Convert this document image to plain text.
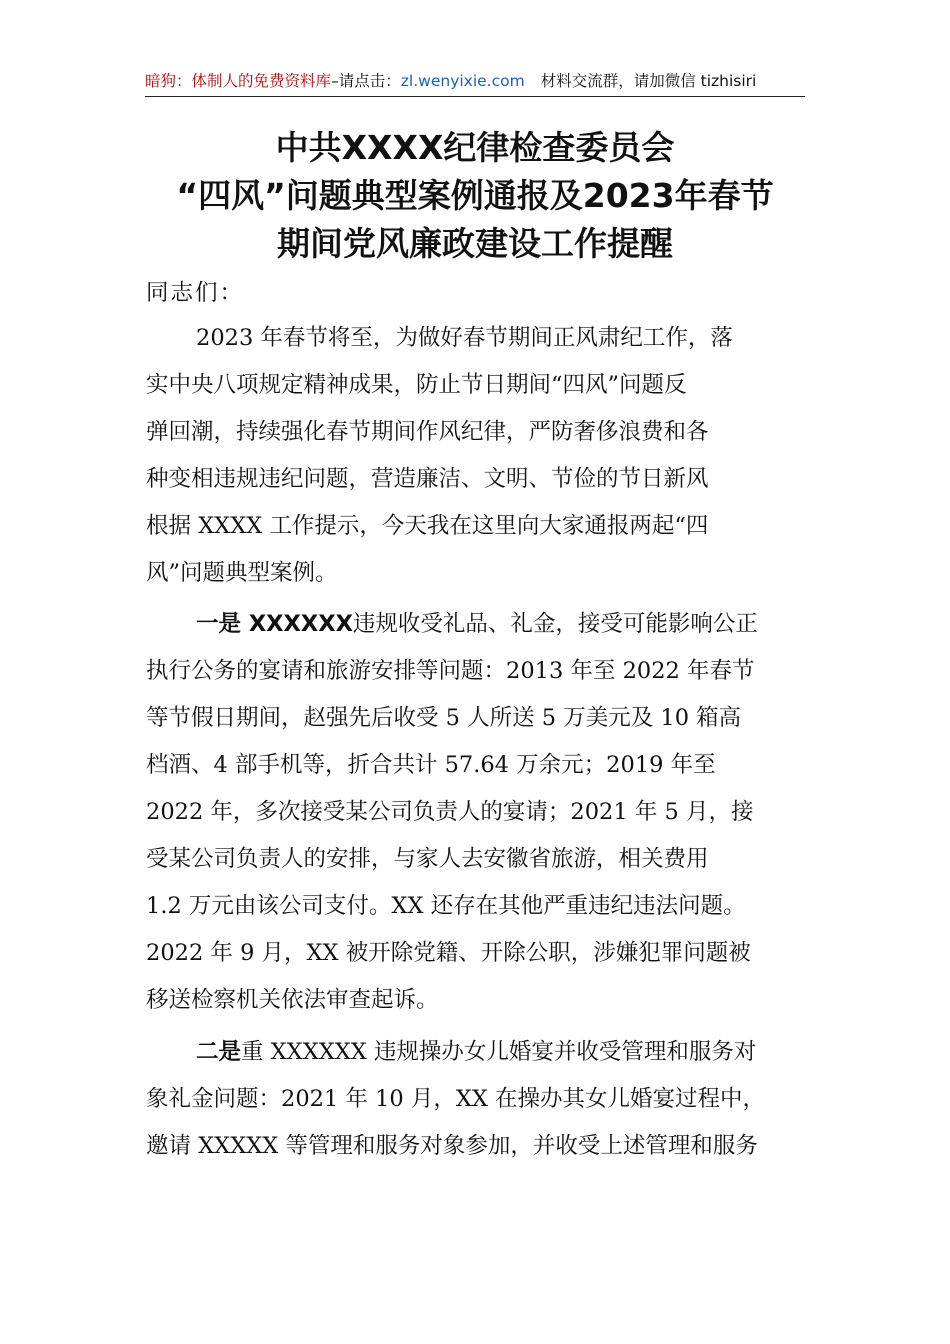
暗狗：体制人的免费资料库–请点击：zl.wenyixie.com 材料交流群，请加微信 tizhisiri
中共XXXX纪律检查委员会
“四风”问题典型案例通报及2023年春节
期间党风廉政建设工作提醒
同志们：
2023 年春节将至，为做好春节期间正风肃纪工作，落
实中央八项规定精神成果，防止节日期间“四风”问题反
弹回潮，持续强化春节期间作风纪律，严防奢侈浪费和各
种变相违规违纪问题，营造廉洁、文明、节俭的节日新风
根据 XXXX 工作提示，今天我在这里向大家通报两起“四
风”问题典型案例。
一是 XXXXXX违规收受礼品、礼金，接受可能影响公正
执行公务的宴请和旅游安排等问题：2013 年至 2022 年春节
等节假日期间，赵强先后收受 5 人所送 5 万美元及 10 箱高
档酒、4 部手机等，折合共计 57.64 万余元；2019 年至
2022 年，多次接受某公司负责人的宴请；2021 年 5 月，接
受某公司负责人的安排，与家人去安徽省旅游，相关费用
1.2 万元由该公司支付。XX 还存在其他严重违纪违法问题。
2022 年 9 月，XX 被开除党籍、开除公职，涉嫌犯罪问题被
移送检察机关依法审查起诉。
二是重 XXXXXX 违规操办女儿婚宴并收受管理和服务对
象礼金问题：2021 年 10 月，XX 在操办其女儿婚宴过程中，
邀请 XXXXX 等管理和服务对象参加，并收受上述管理和服务
